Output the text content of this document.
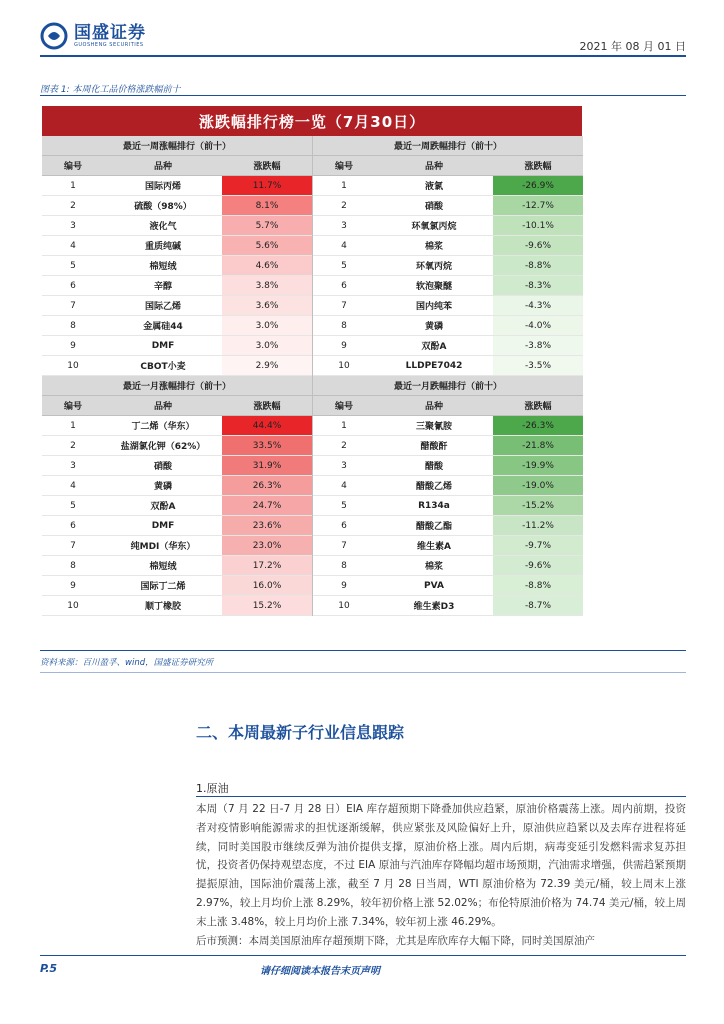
国盛证券
GUOSHENG SECURITIES	2021 年 08 月 01 日
图表 1: 本周化工品价格涨跌幅前十
涨跌幅排行榜一览（7月30日）
最近一周涨幅排行（前十）
编号	品种	涨跌幅
1	国际丙烯	11.7%
2	硫酸（98%）	8.1%
3	液化气	5.7%
4	重质纯碱	5.6%
5	棉短绒	4.6%
6	辛醇	3.8%
7	国际乙烯	3.6%
8	金属硅44	3.0%
9	DMF	3.0%
10	CBOT小麦	2.9%
最近一周跌幅排行（前十）
编号	品种	涨跌幅
1	液氯	-26.9%
2	硝酸	-12.7%
3	环氧氯丙烷	-10.1%
4	棉浆	-9.6%
5	环氧丙烷	-8.8%
6	软泡聚醚	-8.3%
7	国内纯苯	-4.3%
8	黄磷	-4.0%
9	双酚A	-3.8%
10	LLDPE7042	-3.5%
最近一月涨幅排行（前十）
编号	品种	涨跌幅
1	丁二烯（华东）	44.4%
2	盐湖氯化钾（62%）	33.5%
3	硝酸	31.9%
4	黄磷	26.3%
5	双酚A	24.7%
6	DMF	23.6%
7	纯MDI（华东）	23.0%
8	棉短绒	17.2%
9	国际丁二烯	16.0%
10	顺丁橡胶	15.2%
最近一月跌幅排行（前十）
编号	品种	涨跌幅
1	三聚氰胺	-26.3%
2	醋酸酐	-21.8%
3	醋酸	-19.9%
4	醋酸乙烯	-19.0%
5	R134a	-15.2%
6	醋酸乙酯	-11.2%
7	维生素A	-9.7%
8	棉浆	-9.6%
9	PVA	-8.8%
10	维生素D3	-8.7%
资料来源：百川盈孚、wind，国盛证券研究所
二、本周最新子行业信息跟踪
1.原油

本周（7 月 22 日-7 月 28 日）EIA 库存超预期下降叠加供应趋紧，原油价格震荡上涨。周内前期，投资者对疫情影响能源需求的担忧逐渐缓解，供应紧张及风险偏好上升，原油供应趋紧以及去库存进程将延续，同时美国股市继续反弹为油价提供支撑，原油价格上涨。周内后期，病毒变延引发燃料需求复苏担忧，投资者仍保持观望态度，不过 EIA 原油与汽油库存降幅均超市场预期，汽油需求增强，供需趋紧预期提振原油，国际油价震荡上涨，截至 7 月 28 日当周，WTI 原油价格为 72.39 美元/桶，较上周末上涨 2.97%，较上月均价上涨 8.29%，较年初价格上涨 52.02%；布伦特原油价格为 74.74 美元/桶，较上周末上涨 3.48%，较上月均价上涨 7.34%，较年初上涨 46.29%。

后市预测：本周美国原油库存超预期下降，尤其是库欣库存大幅下降，同时美国原油产

P.5	请仔细阅读本报告末页声明
